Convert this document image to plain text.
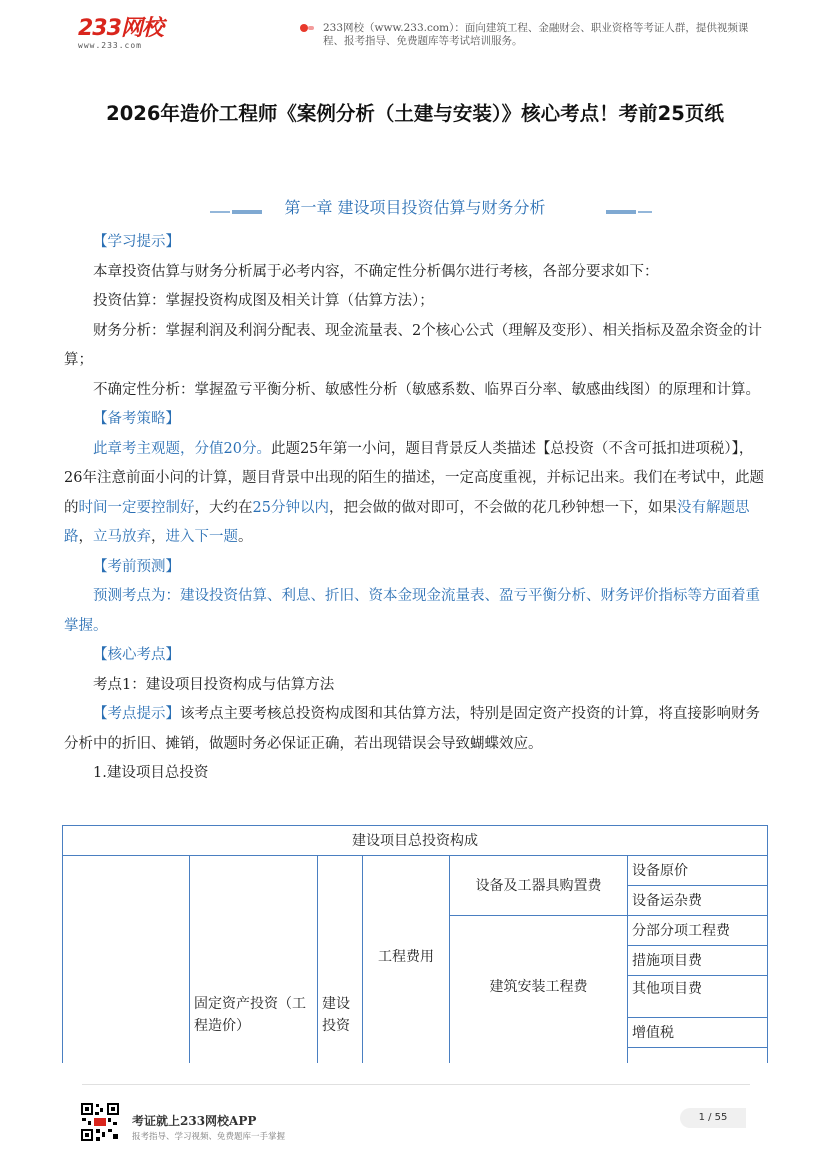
233网校
www.233.com
233网校（www.233.com）：面向建筑工程、金融财会、职业资格等考证人群，提供视频课程、报考指导、免费题库等考试培训服务。
2026年造价工程师《案例分析（土建与安装）》核心考点！考前25页纸
第一章 建设项目投资估算与财务分析

【学习提示】

本章投资估算与财务分析属于必考内容，不确定性分析偶尔进行考核，各部分要求如下：

投资估算：掌握投资构成图及相关计算（估算方法）；

财务分析：掌握利润及利润分配表、现金流量表、2个核心公式（理解及变形）、相关指标及盈余资金的计算；

不确定性分析：掌握盈亏平衡分析、敏感性分析（敏感系数、临界百分率、敏感曲线图）的原理和计算。

【备考策略】

此章考主观题，分值20分。此题25年第一小问，题目背景反人类描述【总投资（不含可抵扣进项税）】，26年注意前面小问的计算，题目背景中出现的陌生的描述，一定高度重视，并标记出来。我们在考试中，此题的时间一定要控制好，大约在25分钟以内，把会做的做对即可，不会做的花几秒钟想一下，如果没有解题思路，立马放弃，进入下一题。

【考前预测】

预测考点为：建设投资估算、利息、折旧、资本金现金流量表、盈亏平衡分析、财务评价指标等方面着重掌握。

【核心考点】

考点1：建设项目投资构成与估算方法

【考点提示】该考点主要考核总投资构成图和其估算方法，特别是固定资产投资的计算，将直接影响财务分析中的折旧、摊销，做题时务必保证正确，若出现错误会导致蝴蝶效应。

1.建设项目总投资

建设项目总投资构成					
	固定资产投资（工程造价）	建设投资	工程费用	设备及工器具购置费	设备原价
					设备运杂费
				建筑安装工程费	分部分项工程费
					措施项目费
					其他项目费
					增值税

考证就上233网校APP
报考指导、学习视频、免费题库一手掌握
1 / 55
